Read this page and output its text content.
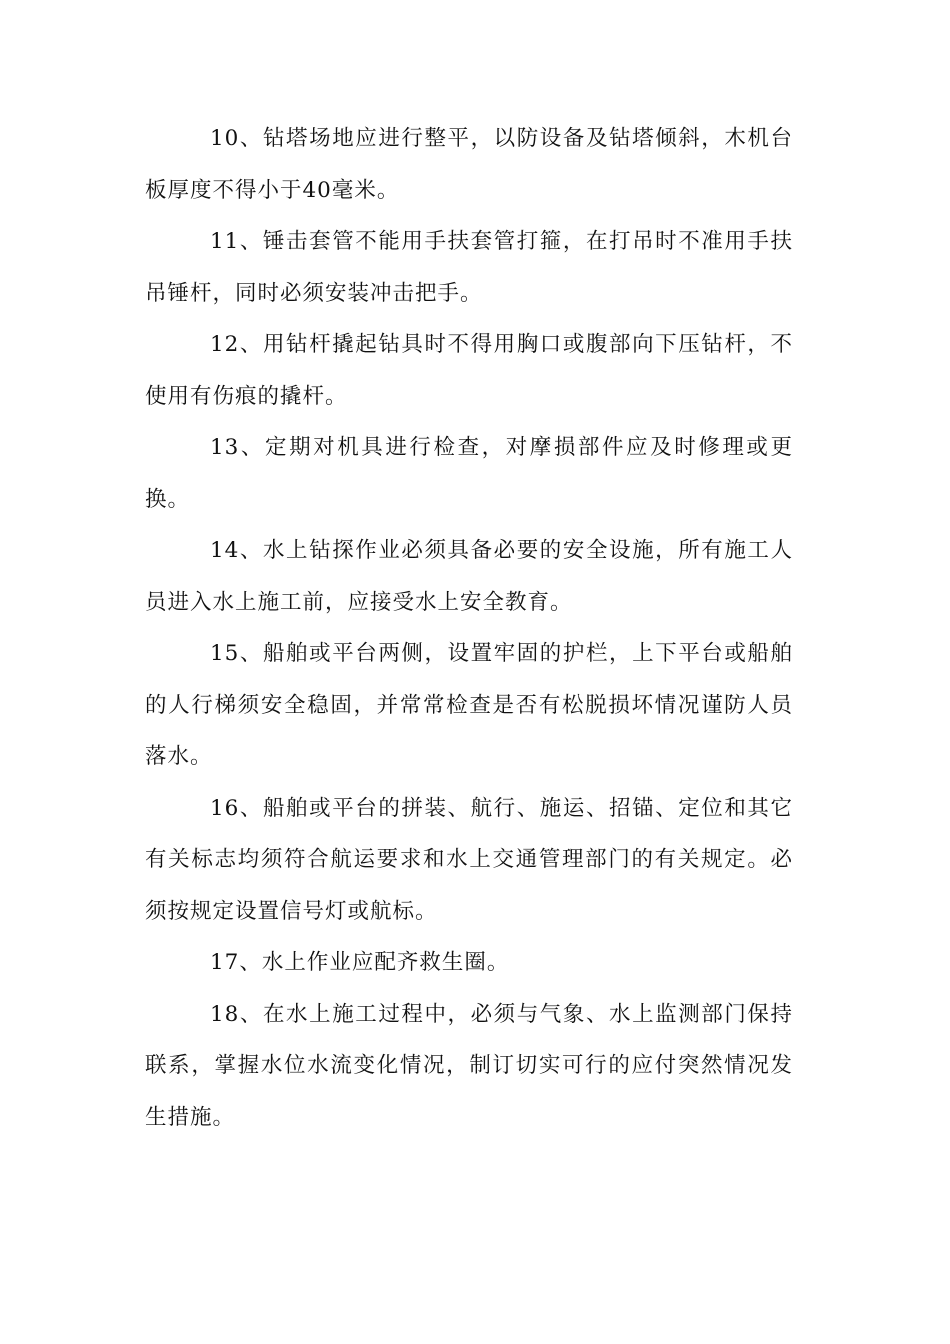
10、钻塔场地应进行整平，以防设备及钻塔倾斜，木机台板厚度不得小于40毫米。

11、锤击套管不能用手扶套管打箍，在打吊时不准用手扶吊锤杆，同时必须安装冲击把手。

12、用钻杆撬起钻具时不得用胸口或腹部向下压钻杆，不使用有伤痕的撬杆。

13、定期对机具进行检查，对摩损部件应及时修理或更换。

14、水上钻探作业必须具备必要的安全设施，所有施工人员进入水上施工前，应接受水上安全教育。

15、船舶或平台两侧，设置牢固的护栏，上下平台或船舶的人行梯须安全稳固，并常常检查是否有松脱损坏情况谨防人员落水。

16、船舶或平台的拼装、航行、施运、招锚、定位和其它有关标志均须符合航运要求和水上交通管理部门的有关规定。必须按规定设置信号灯或航标。

17、水上作业应配齐救生圈。

18、在水上施工过程中，必须与气象、水上监测部门保持联系，掌握水位水流变化情况，制订切实可行的应付突然情况发生措施。
